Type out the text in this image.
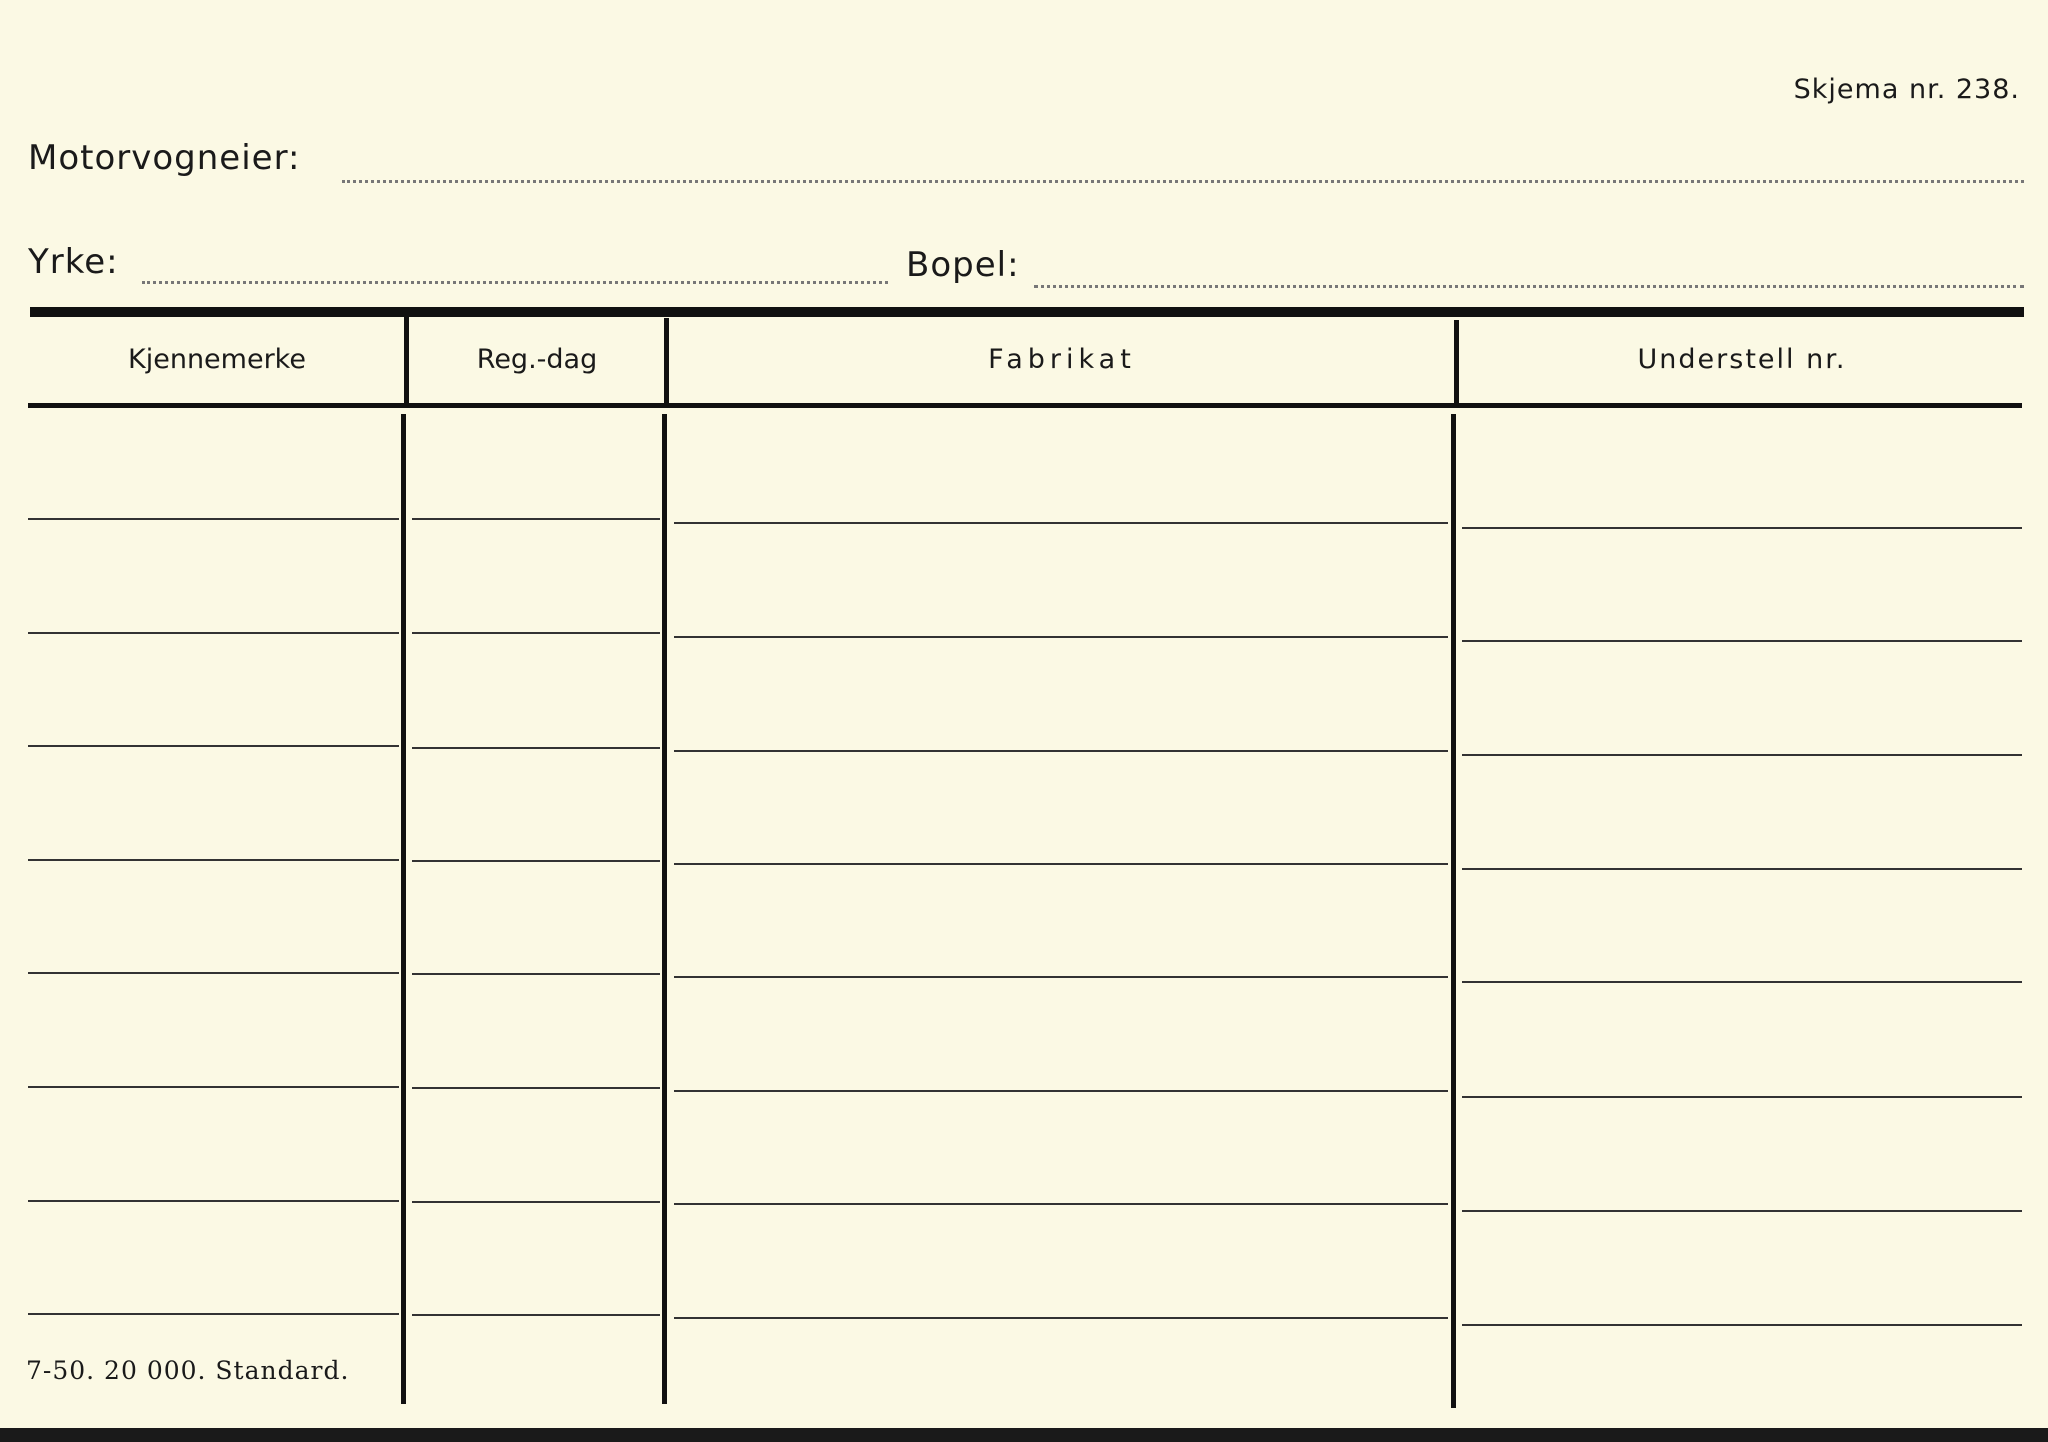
Skjema nr. 238.
Motorvogneier:
Yrke:	Bopel:
Kjennemerke	Reg.-dag	Fabrikat	Understell nr.
7-50. 20 000. Standard.
